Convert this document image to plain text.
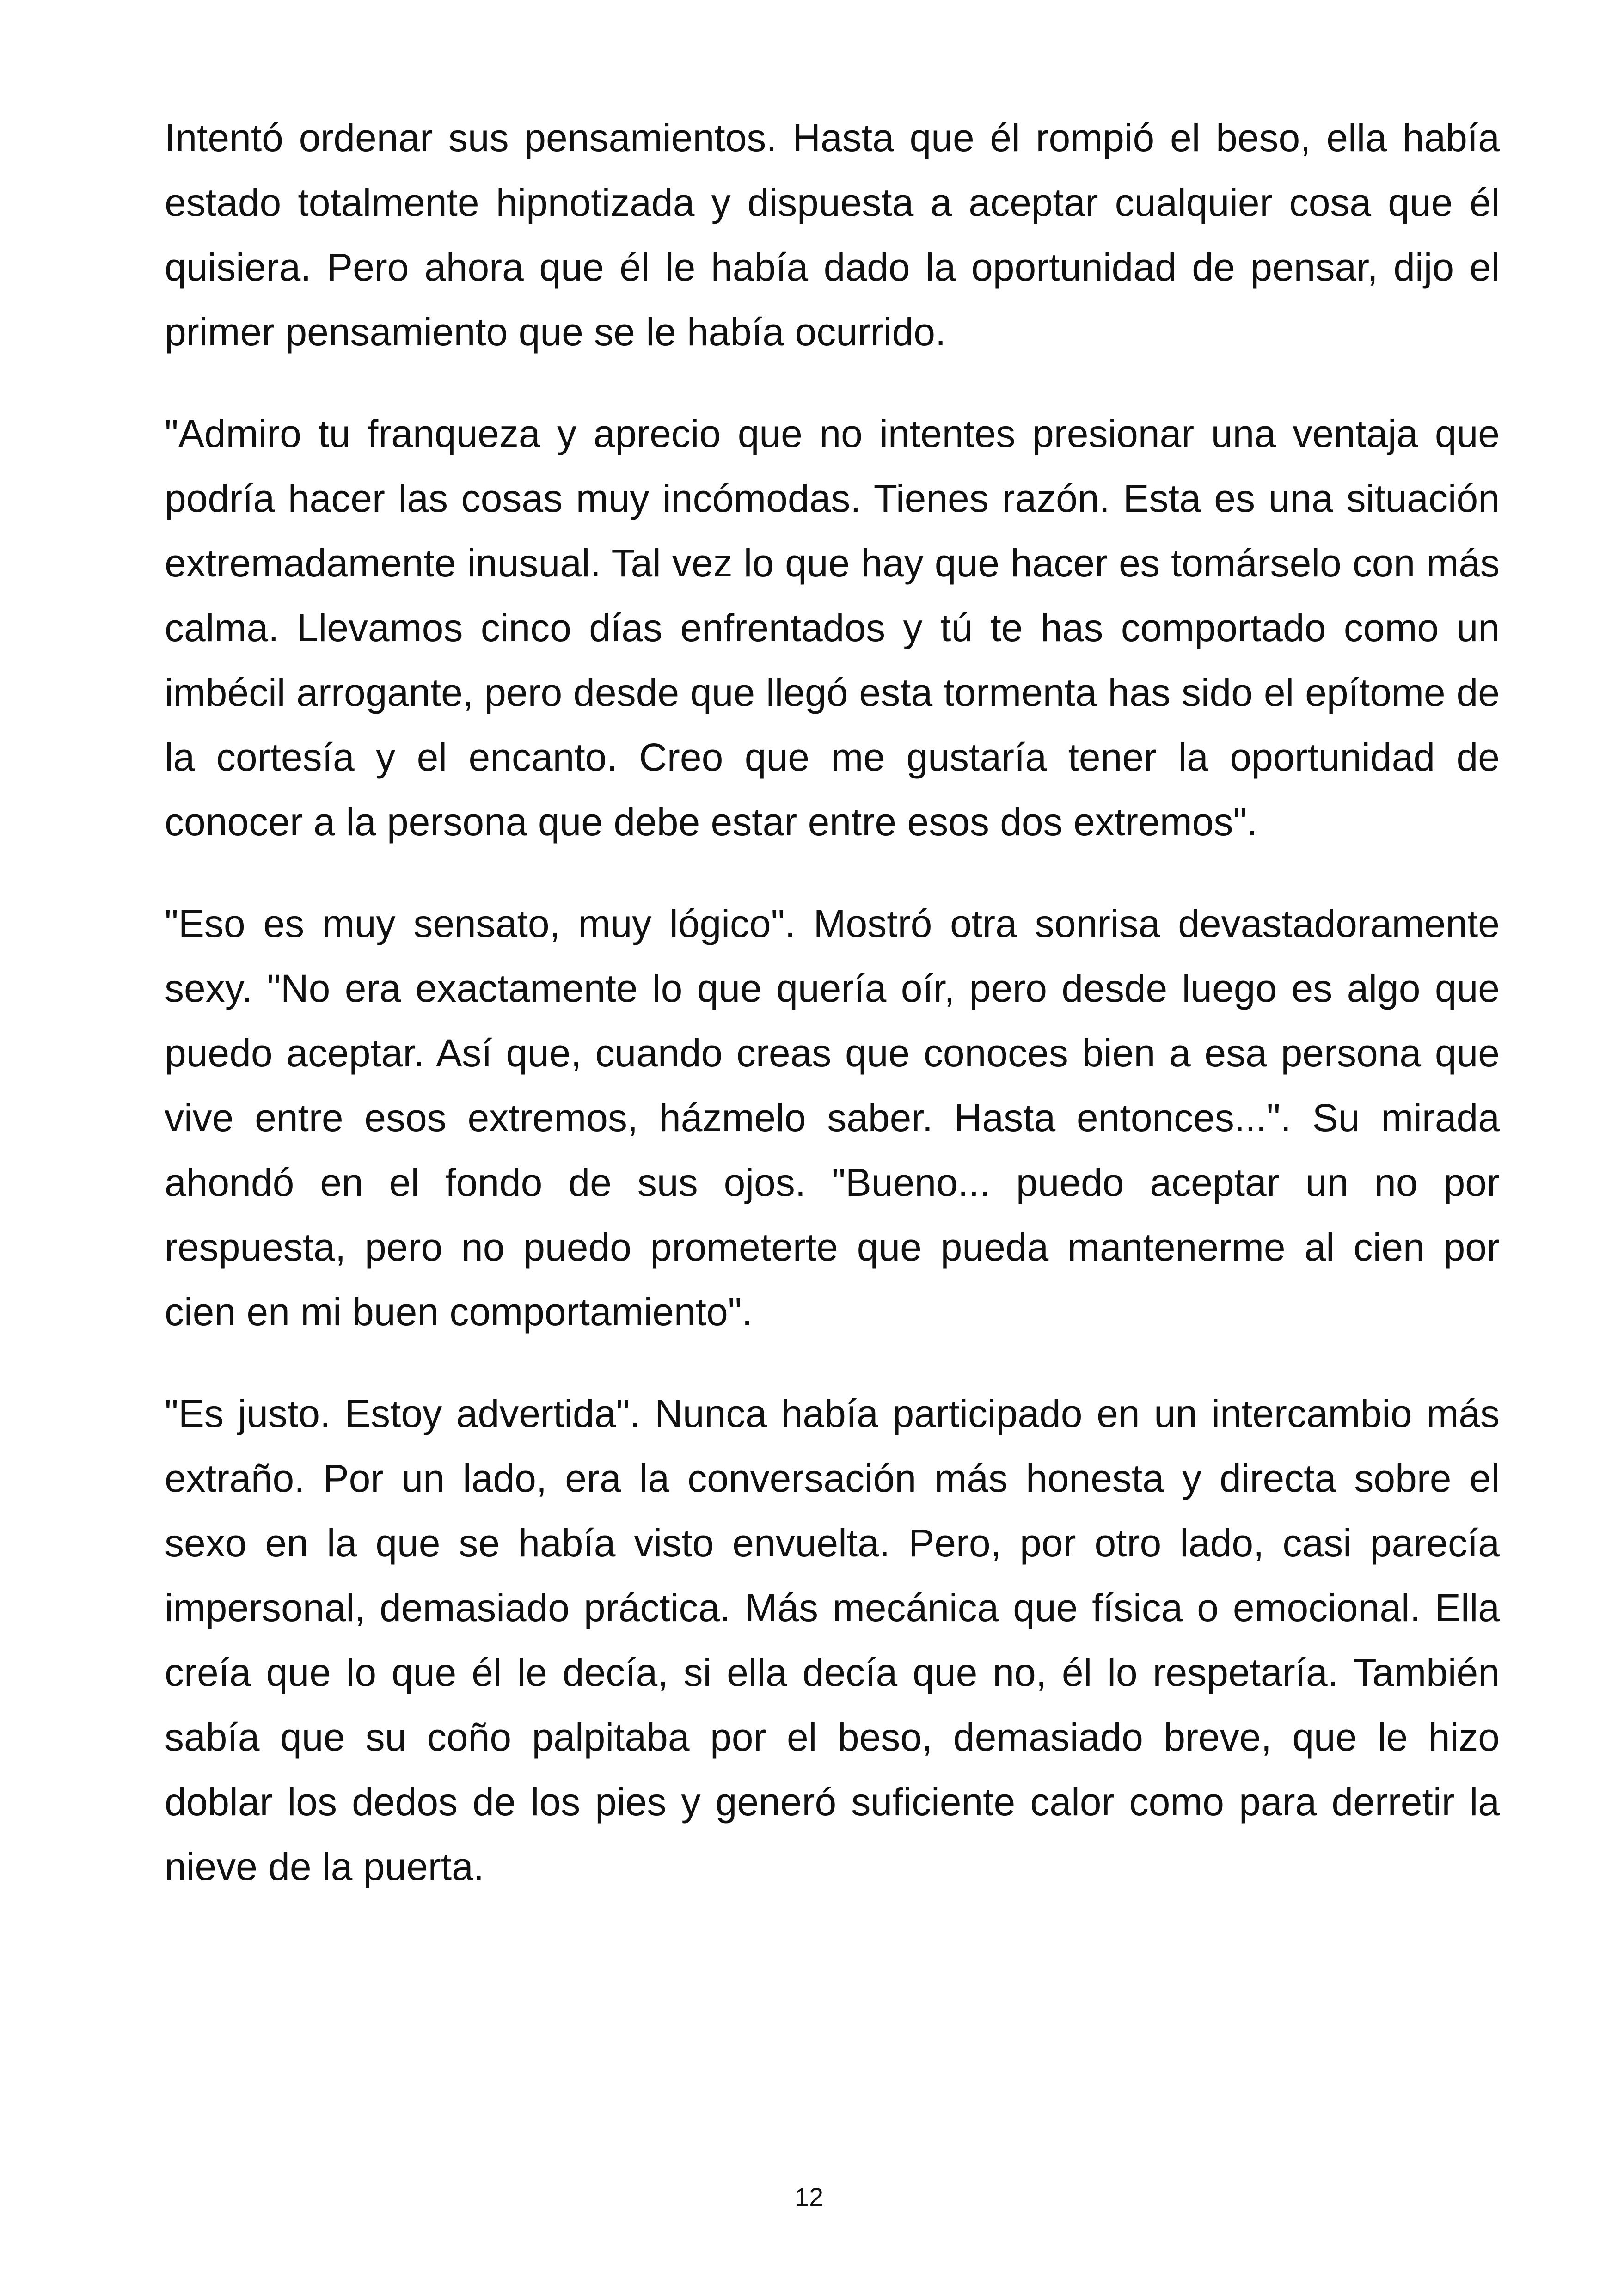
Intentó ordenar sus pensamientos. Hasta que él rompió el beso, ella había estado totalmente hipnotizada y dispuesta a aceptar cualquier cosa que él quisiera. Pero ahora que él le había dado la oportunidad de pensar, dijo el primer pensamiento que se le había ocurrido.

"Admiro tu franqueza y aprecio que no intentes presionar una ventaja que podría hacer las cosas muy incómodas. Tienes razón. Esta es una situación extremadamente inusual. Tal vez lo que hay que hacer es tomárselo con más calma. Llevamos cinco días enfrentados y tú te has comportado como un imbécil arrogante, pero desde que llegó esta tormenta has sido el epítome de la cortesía y el encanto. Creo que me gustaría tener la oportunidad de conocer a la persona que debe estar entre esos dos extremos".

"Eso es muy sensato, muy lógico". Mostró otra sonrisa devastadoramente sexy. "No era exactamente lo que quería oír, pero desde luego es algo que puedo aceptar. Así que, cuando creas que conoces bien a esa persona que vive entre esos extremos, házmelo saber. Hasta entonces...". Su mirada ahondó en el fondo de sus ojos. "Bueno... puedo aceptar un no por respuesta, pero no puedo prometerte que pueda mantenerme al cien por cien en mi buen comportamiento".

"Es justo. Estoy advertida". Nunca había participado en un intercambio más extraño. Por un lado, era la conversación más honesta y directa sobre el sexo en la que se había visto envuelta. Pero, por otro lado, casi parecía impersonal, demasiado práctica. Más mecánica que física o emocional. Ella creía que lo que él le decía, si ella decía que no, él lo respetaría. También sabía que su coño palpitaba por el beso, demasiado breve, que le hizo doblar los dedos de los pies y generó suficiente calor como para derretir la nieve de la puerta.

12
